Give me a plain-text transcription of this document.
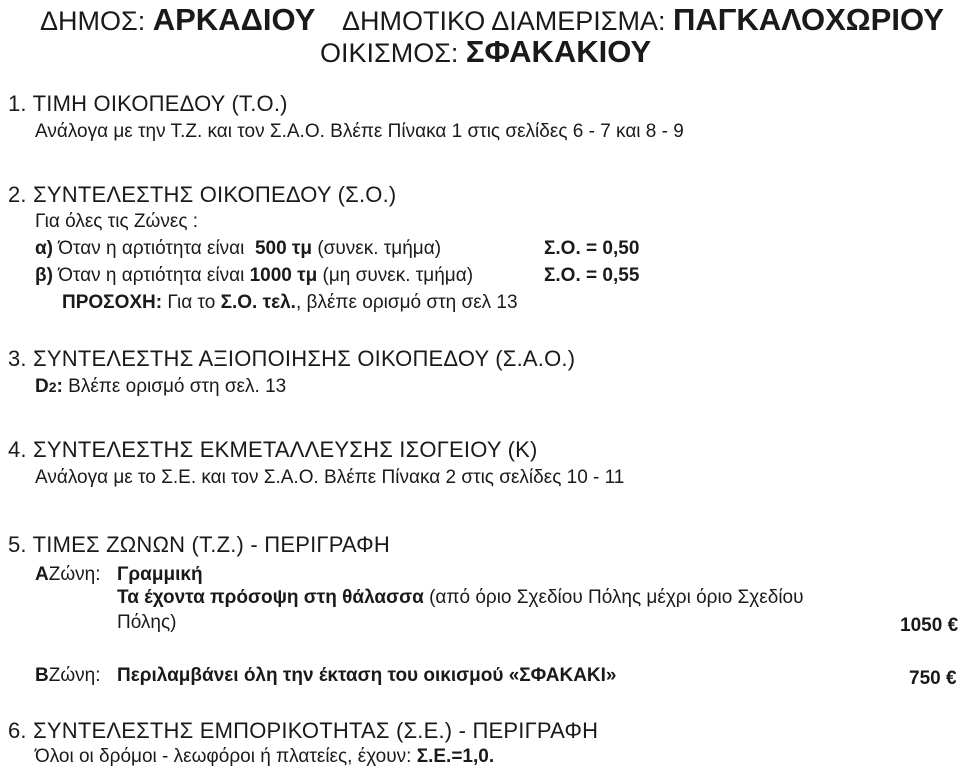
ΔΗΜΟΣ: ΑΡΚΑΔΙΟΥ ΔΗΜΟΤΙΚΟ ΔΙΑΜΕΡΙΣΜΑ: ΠΑΓΚΑΛΟΧΩΡΙΟΥ
ΟΙΚΙΣΜΟΣ: ΣΦΑΚΑΚΙΟΥ
1. ΤΙΜΗ ΟΙΚΟΠΕΔΟΥ (Τ.Ο.)
Ανάλογα με την Τ.Ζ. και τον Σ.Α.Ο. Βλέπε Πίνακα 1 στις σελίδες 6 - 7 και 8 - 9
2. ΣΥΝΤΕΛΕΣΤΗΣ ΟΙΚΟΠΕΔΟΥ (Σ.Ο.)
Για όλες τις Ζώνες :
α) Όταν η αρτιότητα είναι 500 τμ (συνεκ. τμήμα)	Σ.Ο. = 0,50
β) Όταν η αρτιότητα είναι 1000 τμ (μη συνεκ. τμήμα)	Σ.Ο. = 0,55
ΠΡΟΣΟΧΗ: Για το Σ.Ο. τελ., βλέπε ορισμό στη σελ 13
3. ΣΥΝΤΕΛΕΣΤΗΣ ΑΞΙΟΠΟΙΗΣΗΣ ΟΙΚΟΠΕΔΟΥ (Σ.Α.Ο.)
D2: Βλέπε ορισμό στη σελ. 13
4. ΣΥΝΤΕΛΕΣΤΗΣ ΕΚΜΕΤΑΛΛΕΥΣΗΣ ΙΣΟΓΕΙΟΥ (Κ)
Ανάλογα με το Σ.Ε. και τον Σ.Α.Ο. Βλέπε Πίνακα 2 στις σελίδες 10 - 11
5. ΤΙΜΕΣ ΖΩΝΩΝ (Τ.Ζ.) - ΠΕΡΙΓΡΑΦΗ
ΑΖώνη: Γραμμική
Τα έχοντα πρόσοψη στη θάλασσα (από όριο Σχεδίου Πόλης μέχρι όριο Σχεδίου
Πόλης)	1050 €
ΒΖώνη: Περιλαμβάνει όλη την έκταση του οικισμού «ΣΦΑΚΑΚΙ»	750 €
6. ΣΥΝΤΕΛΕΣΤΗΣ ΕΜΠΟΡΙΚΟΤΗΤΑΣ (Σ.Ε.) - ΠΕΡΙΓΡΑΦΗ
Όλοι οι δρόμοι - λεωφόροι ή πλατείες, έχουν: Σ.Ε.=1,0.
